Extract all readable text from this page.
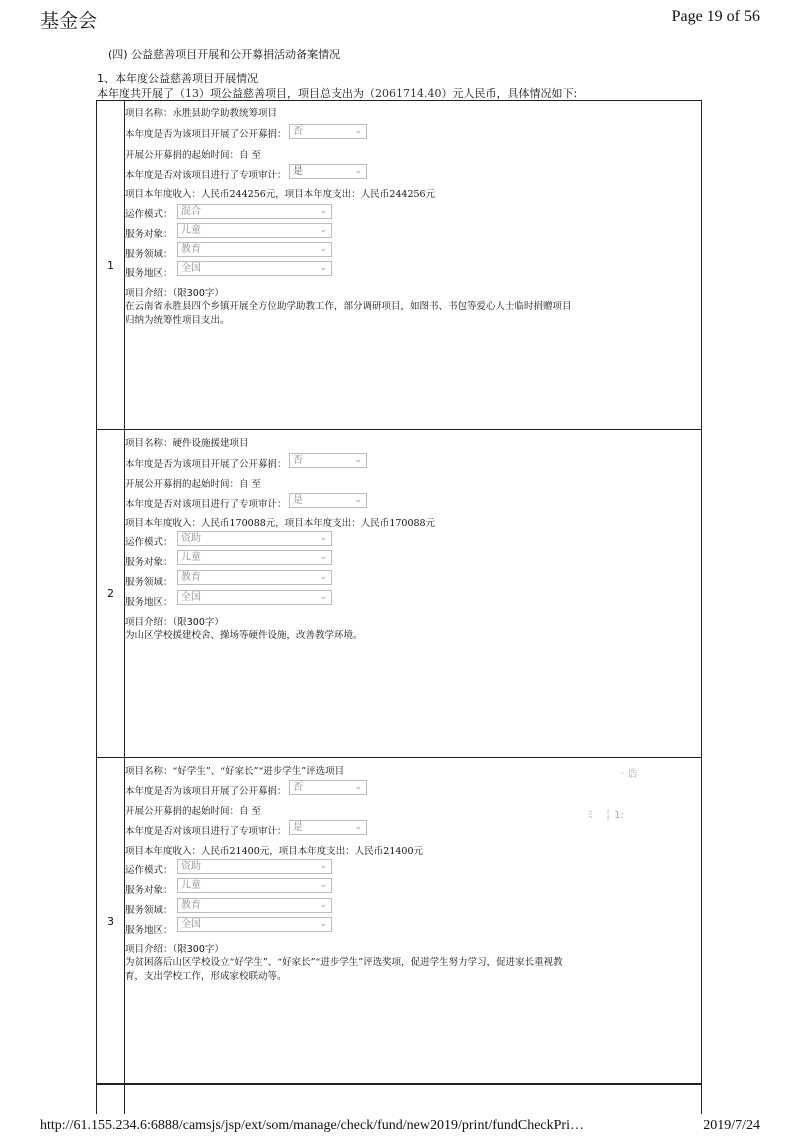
基金会	Page 19 of 56
(四) 公益慈善项目开展和公开募捐活动备案情况
1、本年度公益慈善项目开展情况
本年度共开展了（13）项公益慈善项目，项目总支出为（2061714.40）元人民币，具体情况如下:
1
项目名称：永胜县助学助教统筹项目
本年度是否为该项目开展了公开募捐： 否	⌄
开展公开募捐的起始时间：自 至
本年度是否对该项目进行了专项审计： 是	⌄
项目本年度收入：人民币244256元，项目本年度支出：人民币244256元
运作模式： 混合	⌄
服务对象： 儿童	⌄
服务领域： 教育	⌄
服务地区： 全国	⌄
项目介绍：（限300字）
在云南省永胜县四个乡镇开展全方位助学助教工作，部分调研项目，如图书、书包等爱心人士临时捐赠项目
归纳为统筹性项目支出。
2
项目名称：硬件设施援建项目
本年度是否为该项目开展了公开募捐： 否	⌄
开展公开募捐的起始时间：自 至
本年度是否对该项目进行了专项审计： 是	⌄
项目本年度收入：人民币170088元，项目本年度支出：人民币170088元
运作模式： 资助	⌄
服务对象： 儿童	⌄
服务领域： 教育	⌄
服务地区： 全国	⌄
项目介绍：（限300字）
为山区学校援建校舍、操场等硬件设施，改善教学环境。
· 诰
ミ　╎ 1:
3
项目名称：“好学生”、“好家长”“进步学生”评选项目
本年度是否为该项目开展了公开募捐： 否	⌄
开展公开募捐的起始时间：自 至
本年度是否对该项目进行了专项审计： 是	⌄
项目本年度收入：人民币21400元，项目本年度支出：人民币21400元
运作模式： 资助	⌄
服务对象： 儿童	⌄
服务领域： 教育	⌄
服务地区：
全国	⌄
项目介绍：（限300字）
为贫困落后山区学校设立“好学生”、“好家长”“进步学生”评选奖项，促进学生努力学习，促进家长重视教
育，支出学校工作，形成家校联动等。
http://61.155.234.6:6888/camsjs/jsp/ext/som/manage/check/fund/new2019/print/fundCheckPri…	2019/7/24
